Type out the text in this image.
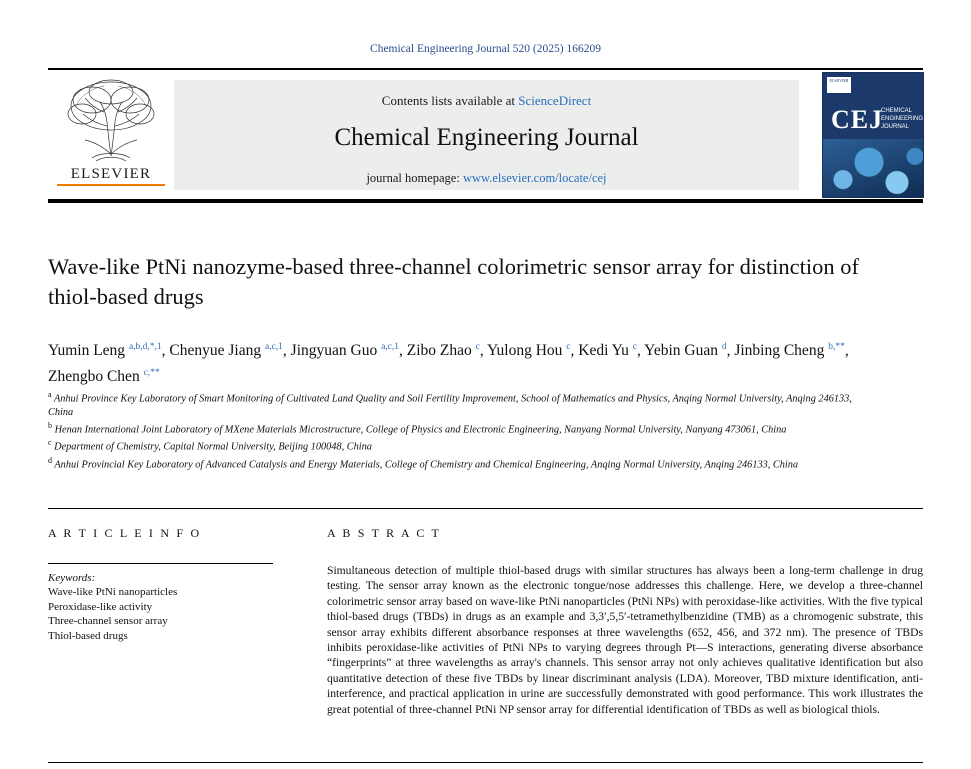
Chemical Engineering Journal 520 (2025) 166209
ELSEVIER
Contents lists available at ScienceDirect
Chemical Engineering Journal
journal homepage: www.elsevier.com/locate/cej
ELSEVIER
CEJ
CHEMICAL
ENGINEERING
JOURNAL
Wave-like PtNi nanozyme-based three-channel colorimetric sensor array for distinction of thiol-based drugs
Yumin Leng $^{a,b,d,*,1}$, Chenyue Jiang $^{a,c,1}$, Jingyuan Guo $^{a,c,1}$, Zibo Zhao $^c$, Yulong Hou $^c$, Kedi Yu $^c$, Yebin Guan $^d$, Jinbing Cheng $^{b,**}$, Zhengbo Chen $^{c,**}$
$^a$ Anhui Province Key Laboratory of Smart Monitoring of Cultivated Land Quality and Soil Fertility Improvement, School of Mathematics and Physics, Anqing Normal University, Anqing 246133, China
$^b$ Henan International Joint Laboratory of MXene Materials Microstructure, College of Physics and Electronic Engineering, Nanyang Normal University, Nanyang 473061, China
$^c$ Department of Chemistry, Capital Normal University, Beijing 100048, China
$^d$ Anhui Provincial Key Laboratory of Advanced Catalysis and Energy Materials, College of Chemistry and Chemical Engineering, Anqing Normal University, Anqing 246133, China
A R T I C L E I N F O
Keywords:
Wave-like PtNi nanoparticles
Peroxidase-like activity
Three-channel sensor array
Thiol-based drugs
A B S T R A C T
Simultaneous detection of multiple thiol-based drugs with similar structures has always been a long-term challenge in drug testing. The sensor array known as the electronic tongue/nose addresses this challenge. Here, we develop a three-channel colorimetric sensor array based on wave-like PtNi nanoparticles (PtNi NPs) with peroxidase-like activities. With the five typical thiol-based drugs (TBDs) in drugs as an example and 3,3′,5,5′-tetramethylbenzidine (TMB) as a chromogenic substrate, this sensor array exhibits different absorbance responses at three wavelengths (652, 456, and 372 nm). The presence of TBDs inhibits peroxidase-like activities of PtNi NPs to varying degrees through Pt—S interactions, generating diverse absorbance “fingerprints” at three wavelengths as array's channels. This sensor array not only achieves qualitative identification but also quantitative detection of these five TBDs by linear discriminant analysis (LDA). Moreover, TBD mixture identification, anti-interference, and practical application in urine are successfully demonstrated with good performance. This work illustrates the great potential of three-channel PtNi NP sensor array for differential identification of TBDs as well as biological thiols.
